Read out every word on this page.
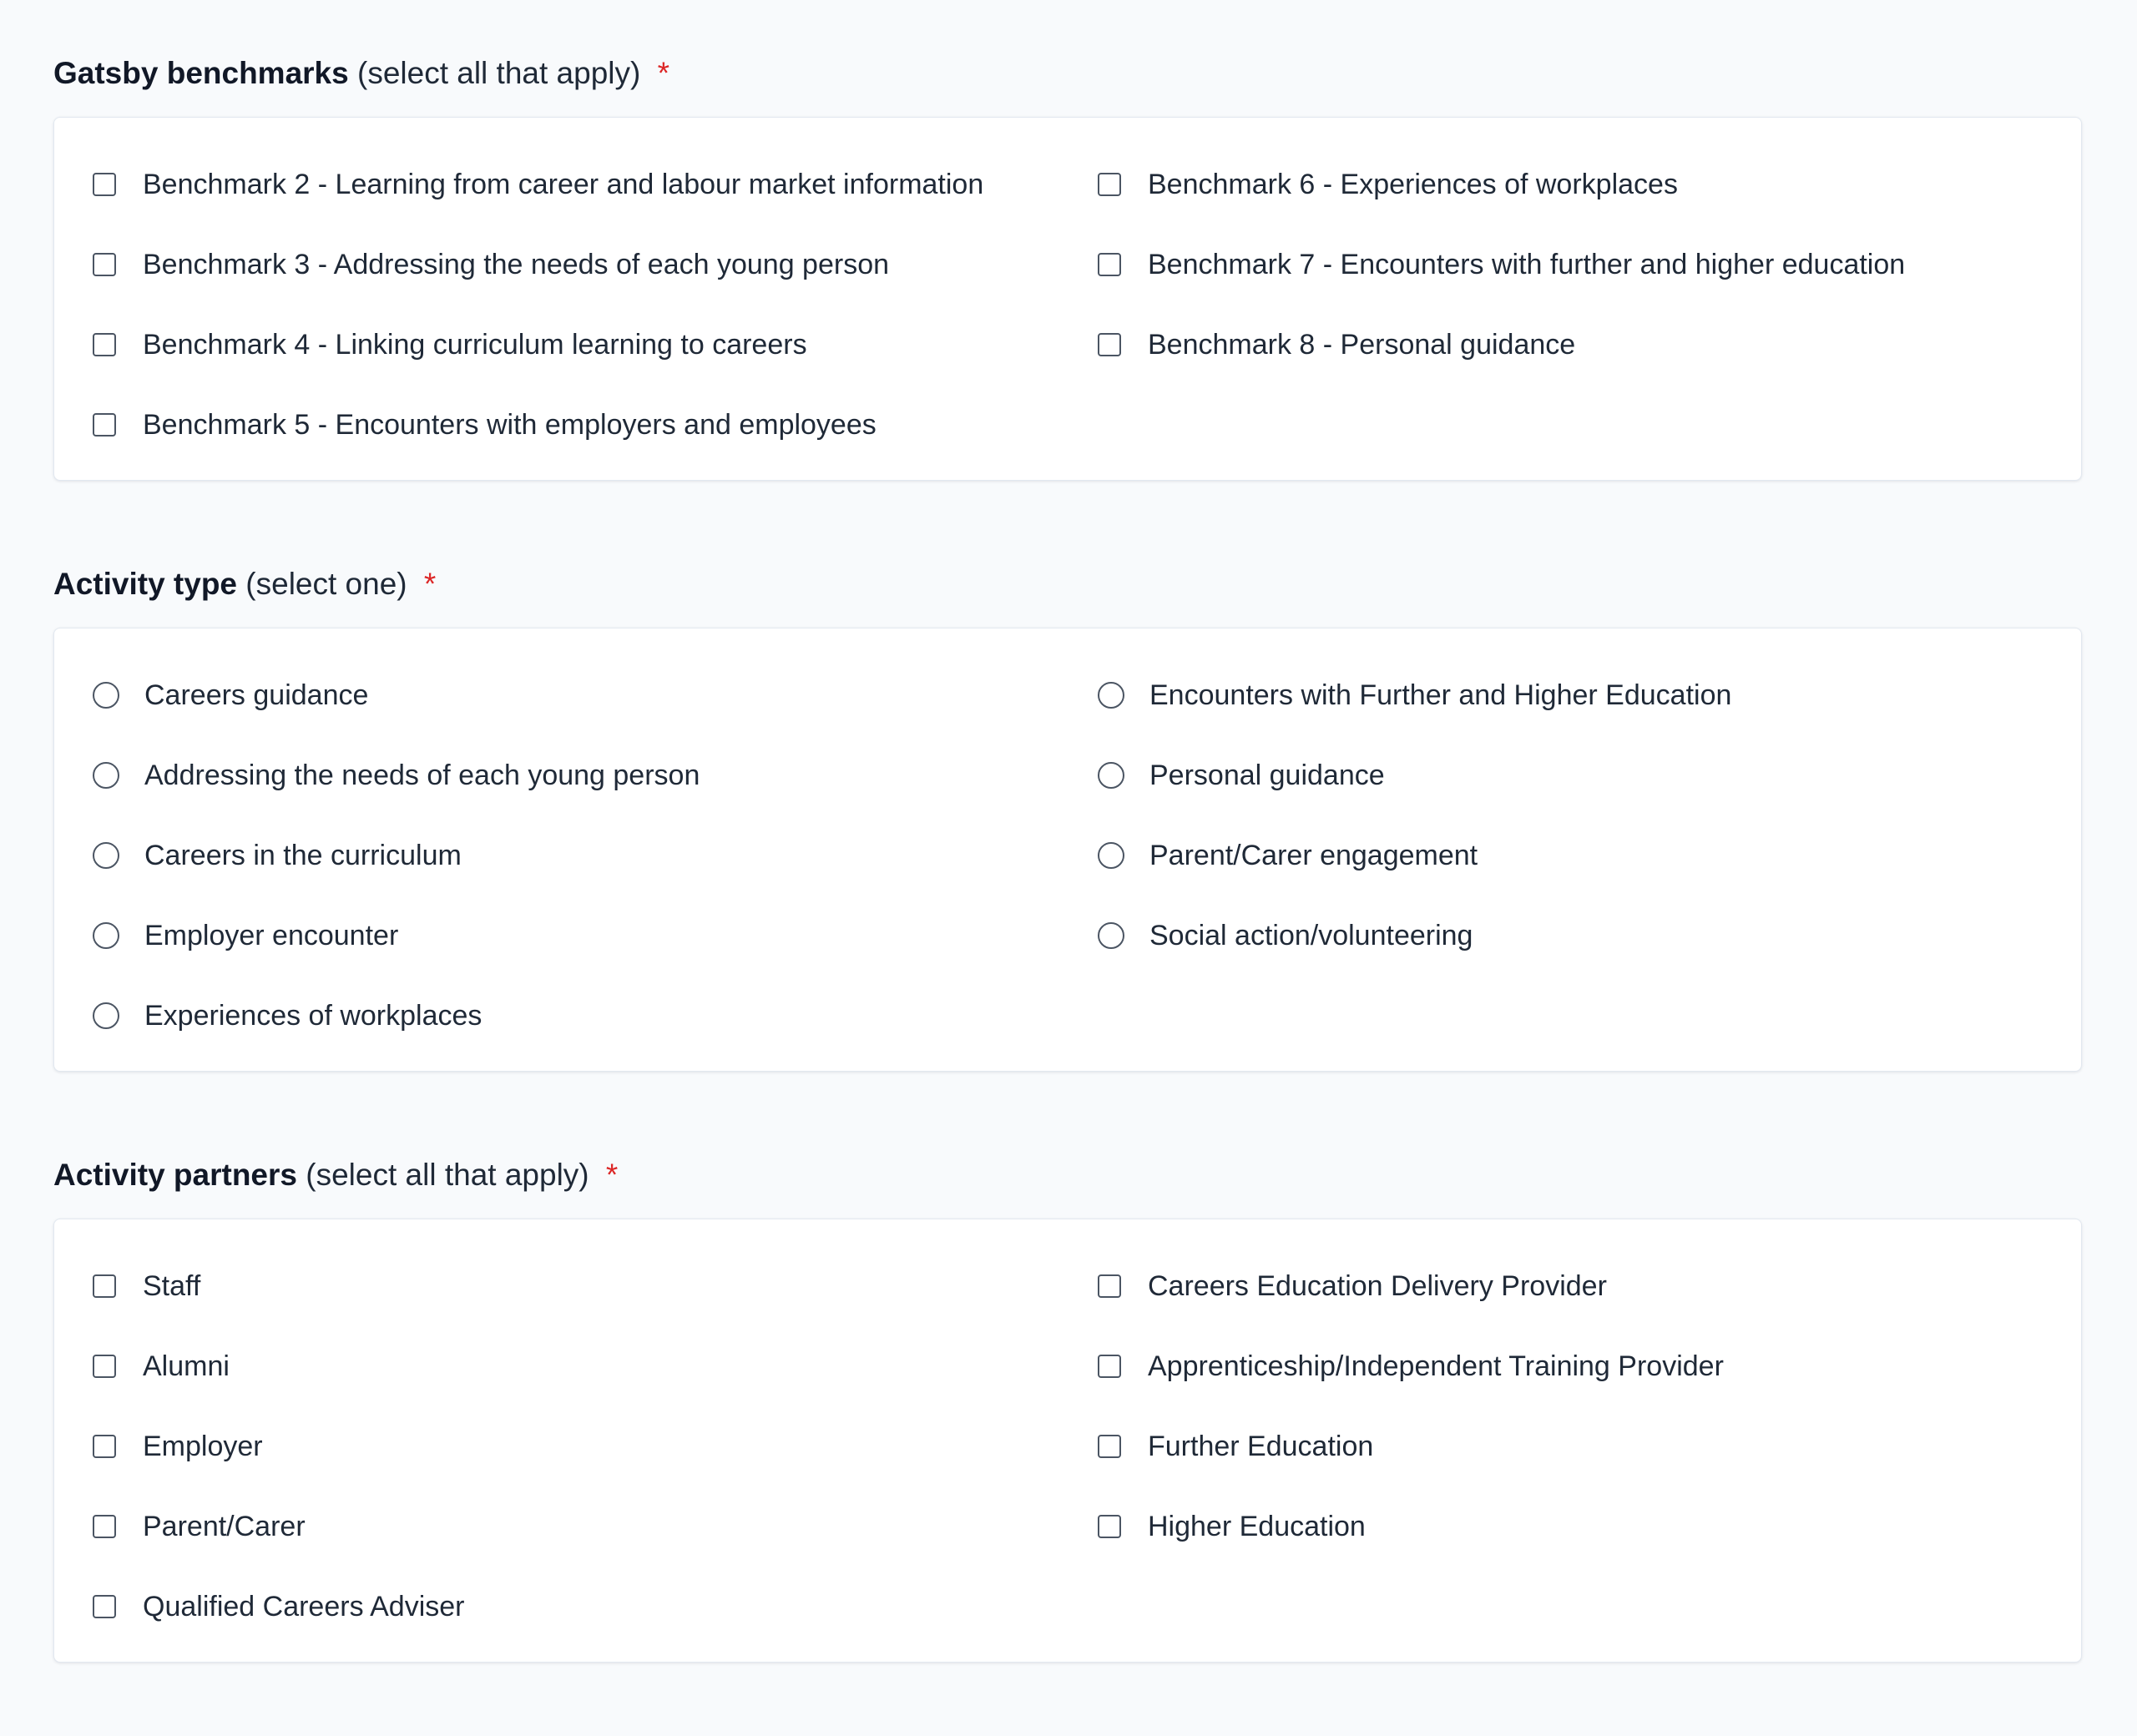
Gatsby benchmarks (select all that apply) *
Benchmark 2 - Learning from career and labour market information
Benchmark 3 - Addressing the needs of each young person
Benchmark 4 - Linking curriculum learning to careers
Benchmark 5 - Encounters with employers and employees
Benchmark 6 - Experiences of workplaces
Benchmark 7 - Encounters with further and higher education
Benchmark 8 - Personal guidance
Activity type (select one) *
Careers guidance
Addressing the needs of each young person
Careers in the curriculum
Employer encounter
Experiences of workplaces
Encounters with Further and Higher Education
Personal guidance
Parent/Carer engagement
Social action/volunteering
Activity partners (select all that apply) *
Staff
Alumni
Employer
Parent/Carer
Qualified Careers Adviser
Careers Education Delivery Provider
Apprenticeship/Independent Training Provider
Further Education
Higher Education
